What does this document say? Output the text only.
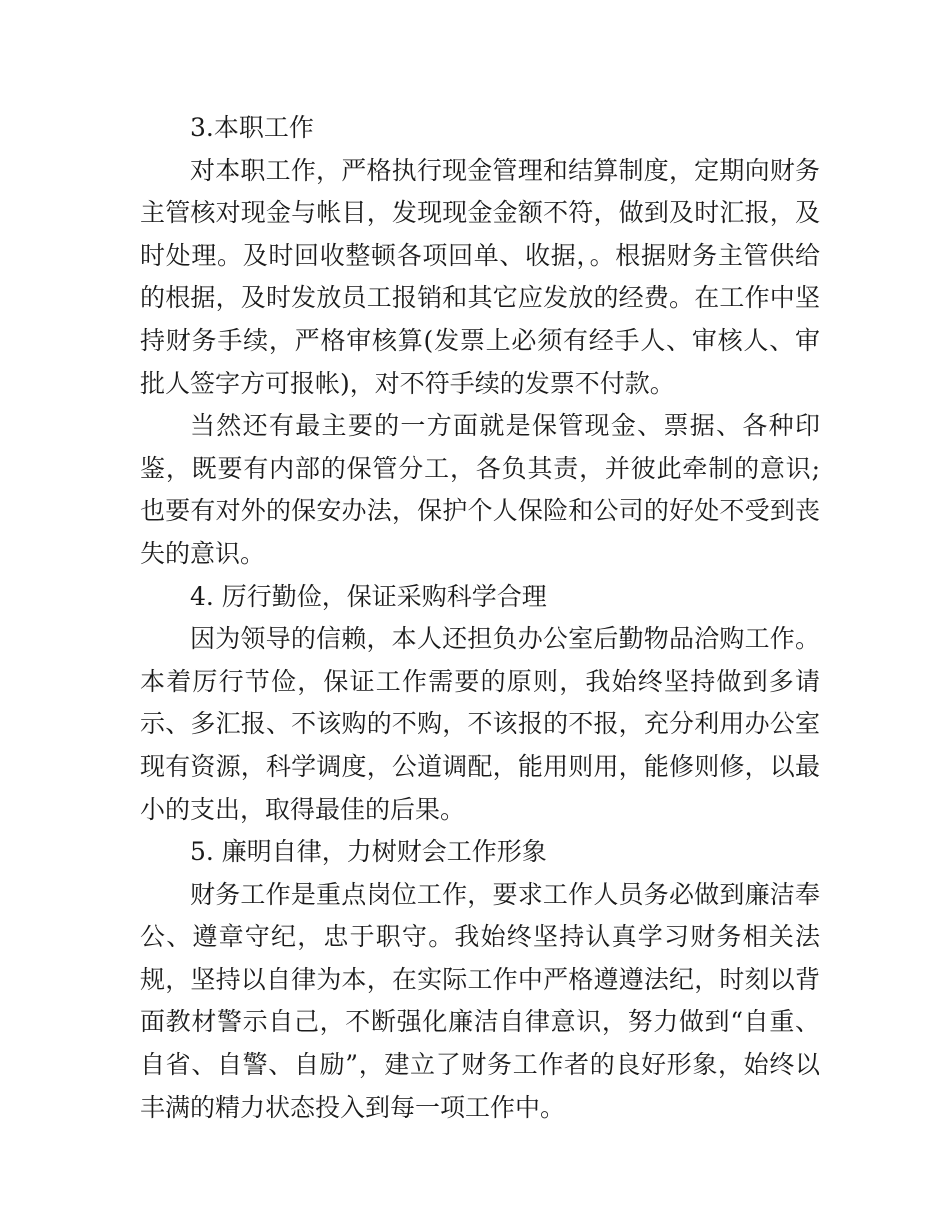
3.本职工作

对本职工作，严格执行现金管理和结算制度，定期向财务主管核对现金与帐目，发现现金金额不符，做到及时汇报，及时处理。及时回收整顿各项回单、收据，。根据财务主管供给的根据，及时发放员工报销和其它应发放的经费。在工作中坚持财务手续，严格审核算(发票上必须有经手人、审核人、审批人签字方可报帐)，对不符手续的发票不付款。

当然还有最主要的一方面就是保管现金、票据、各种印鉴，既要有内部的保管分工，各负其责，并彼此牵制的意识;也要有对外的保安办法，保护个人保险和公司的好处不受到丧失的意识。

4. 厉行勤俭，保证采购科学合理

因为领导的信赖，本人还担负办公室后勤物品洽购工作。本着厉行节俭，保证工作需要的原则，我始终坚持做到多请示、多汇报、不该购的不购，不该报的不报，充分利用办公室现有资源，科学调度，公道调配，能用则用，能修则修，以最小的支出，取得最佳的后果。

5. 廉明自律，力树财会工作形象

财务工作是重点岗位工作，要求工作人员务必做到廉洁奉公、遵章守纪，忠于职守。我始终坚持认真学习财务相关法规，坚持以自律为本，在实际工作中严格遵遵法纪，时刻以背面教材警示自己，不断强化廉洁自律意识，努力做到“自重、自省、自警、自励”，建立了财务工作者的良好形象，始终以丰满的精力状态投入到每一项工作中。
